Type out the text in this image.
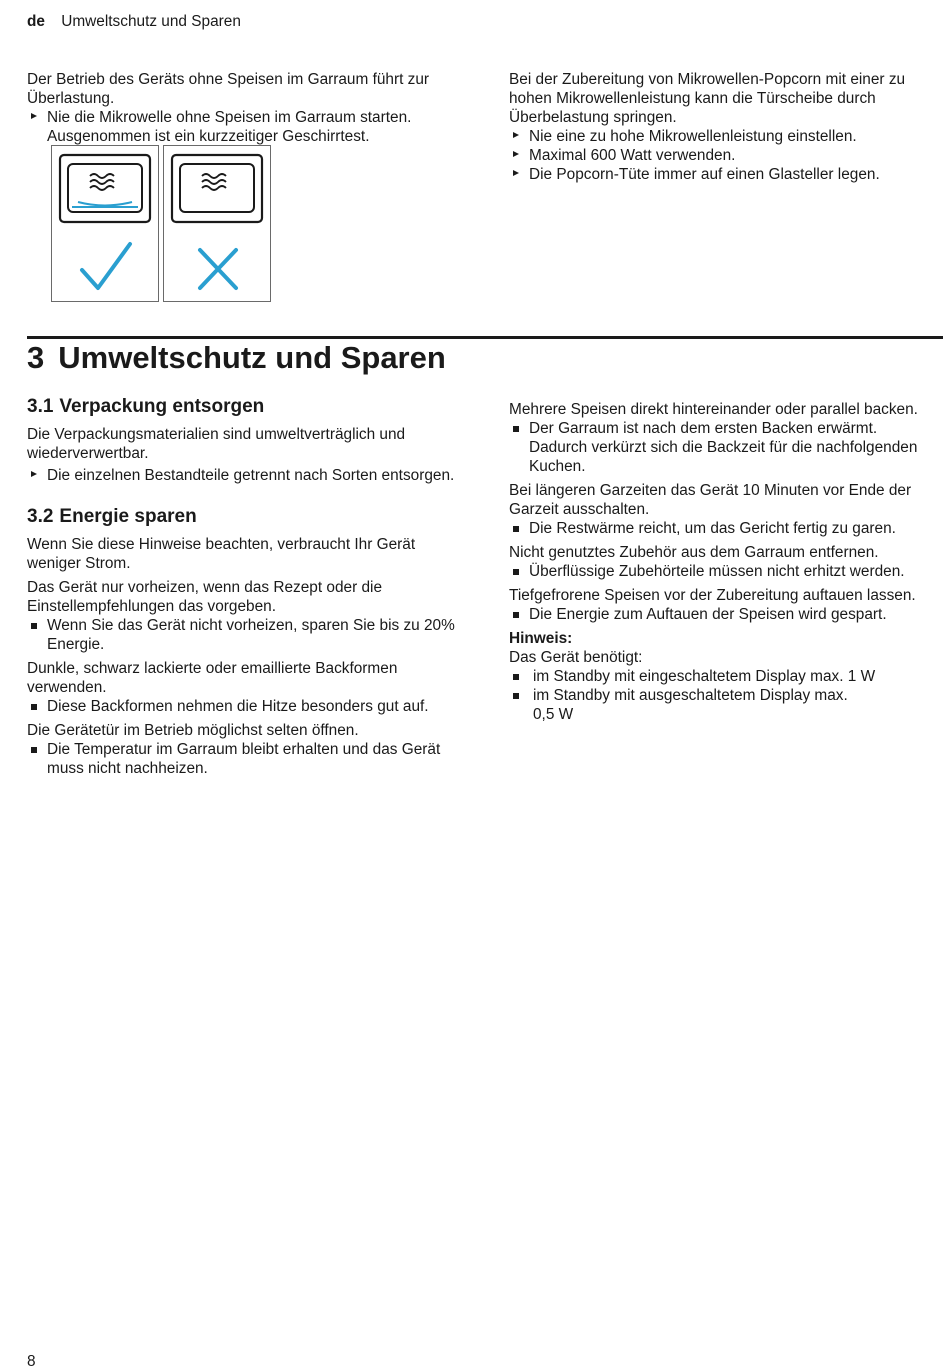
de Umweltschutz und Sparen

Der Betrieb des Geräts ohne Speisen im Garraum führt zur Überlastung.

Nie die Mikrowelle ohne Speisen im Garraum starten. Ausgenommen ist ein kurzzeitiger Geschirrtest.

Bei der Zubereitung von Mikrowellen-Popcorn mit einer zu hohen Mikrowellenleistung kann die Türscheibe durch Überbelastung springen.

Nie eine zu hohe Mikrowellenleistung einstellen.
Maximal 600 Watt verwenden.
Die Popcorn-Tüte immer auf einen Glasteller legen.
3 Umweltschutz und Sparen
3.1 Verpackung entsorgen

Die Verpackungsmaterialien sind umweltverträglich und wiederverwertbar.

Die einzelnen Bestandteile getrennt nach Sorten entsorgen.
3.2 Energie sparen

Wenn Sie diese Hinweise beachten, verbraucht Ihr Gerät weniger Strom.

Das Gerät nur vorheizen, wenn das Rezept oder die Einstellempfehlungen das vorgeben.

Wenn Sie das Gerät nicht vorheizen, sparen Sie bis zu 20% Energie.

Dunkle, schwarz lackierte oder emaillierte Backformen verwenden.

Diese Backformen nehmen die Hitze besonders gut auf.

Die Gerätetür im Betrieb möglichst selten öffnen.

Die Temperatur im Garraum bleibt erhalten und das Gerät muss nicht nachheizen.

Mehrere Speisen direkt hintereinander oder parallel backen.

Der Garraum ist nach dem ersten Backen erwärmt. Dadurch verkürzt sich die Backzeit für die nachfolgenden Kuchen.

Bei längeren Garzeiten das Gerät 10 Minuten vor Ende der Garzeit ausschalten.

Die Restwärme reicht, um das Gericht fertig zu garen.

Nicht genutztes Zubehör aus dem Garraum entfernen.

Überflüssige Zubehörteile müssen nicht erhitzt werden.

Tiefgefrorene Speisen vor der Zubereitung auftauen lassen.

Die Energie zum Auftauen der Speisen wird gespart.

Hinweis:

Das Gerät benötigt:

im Standby mit eingeschaltetem Display max. 1 W
im Standby mit ausgeschaltetem Display max. 0,5 W
8
